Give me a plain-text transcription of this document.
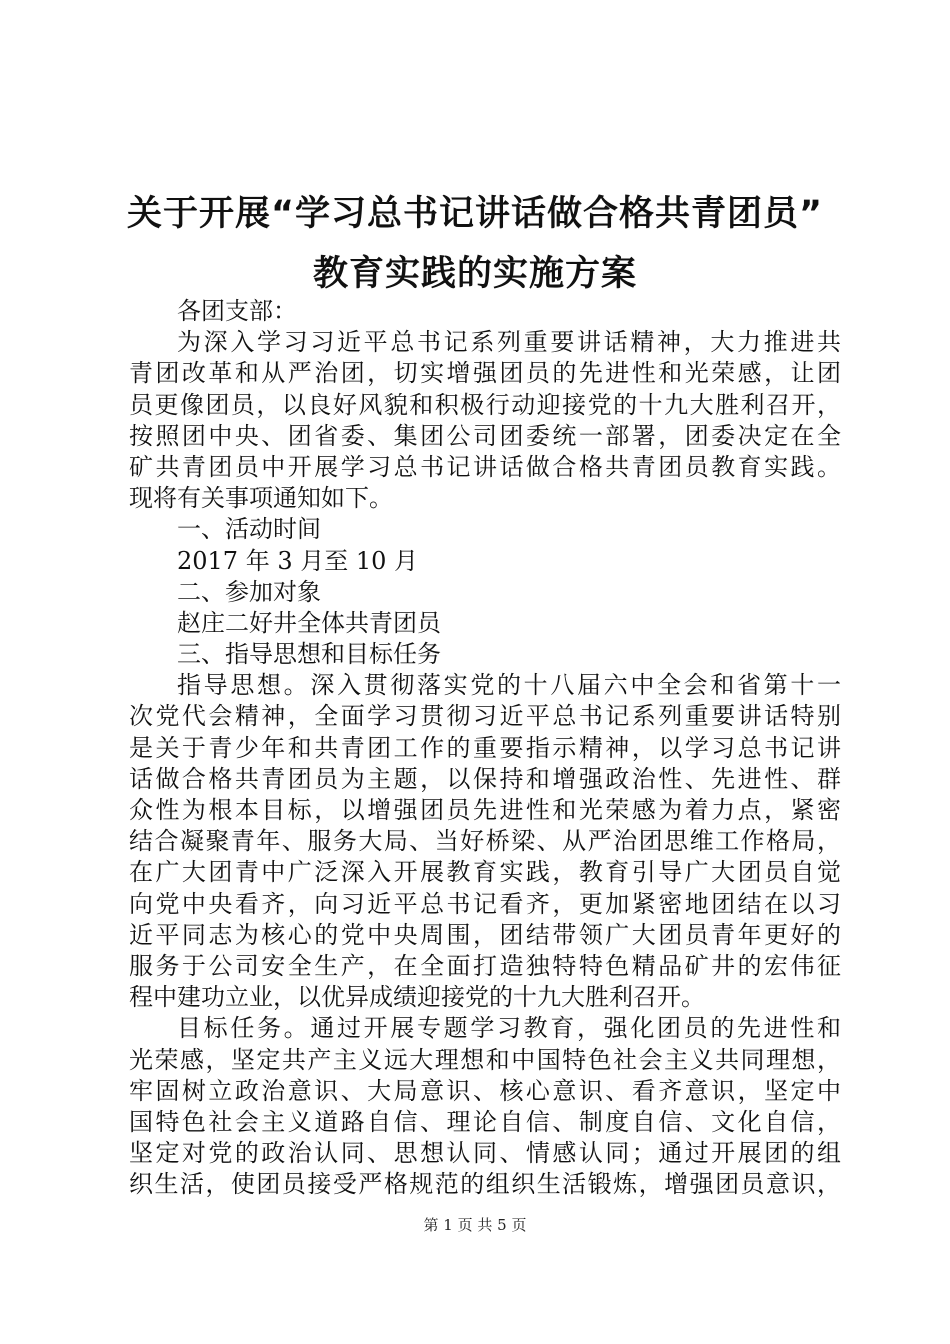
关于开展“学习总书记讲话做合格共青团员”
教育实践的实施方案
各团支部：
为深入学习习近平总书记系列重要讲话精神，大力推进共
青团改革和从严治团，切实增强团员的先进性和光荣感，让团
员更像团员，以良好风貌和积极行动迎接党的十九大胜利召开，
按照团中央、团省委、集团公司团委统一部署，团委决定在全
矿共青团员中开展学习总书记讲话做合格共青团员教育实践。
现将有关事项通知如下。
一、活动时间
2017 年 3 月至 10 月
二、参加对象
赵庄二好井全体共青团员
三、指导思想和目标任务
指导思想。深入贯彻落实党的十八届六中全会和省第十一
次党代会精神，全面学习贯彻习近平总书记系列重要讲话特别
是关于青少年和共青团工作的重要指示精神，以学习总书记讲
话做合格共青团员为主题，以保持和增强政治性、先进性、群
众性为根本目标，以增强团员先进性和光荣感为着力点，紧密
结合凝聚青年、服务大局、当好桥梁、从严治团思维工作格局，
在广大团青中广泛深入开展教育实践，教育引导广大团员自觉
向党中央看齐，向习近平总书记看齐，更加紧密地团结在以习
近平同志为核心的党中央周围，团结带领广大团员青年更好的
服务于公司安全生产，在全面打造独特特色精品矿井的宏伟征
程中建功立业，以优异成绩迎接党的十九大胜利召开。
目标任务。通过开展专题学习教育，强化团员的先进性和
光荣感，坚定共产主义远大理想和中国特色社会主义共同理想，
牢固树立政治意识、大局意识、核心意识、看齐意识，坚定中
国特色社会主义道路自信、理论自信、制度自信、文化自信，
坚定对党的政治认同、思想认同、情感认同；通过开展团的组
织生活，使团员接受严格规范的组织生活锻炼，增强团员意识，
第 1 页 共 5 页
